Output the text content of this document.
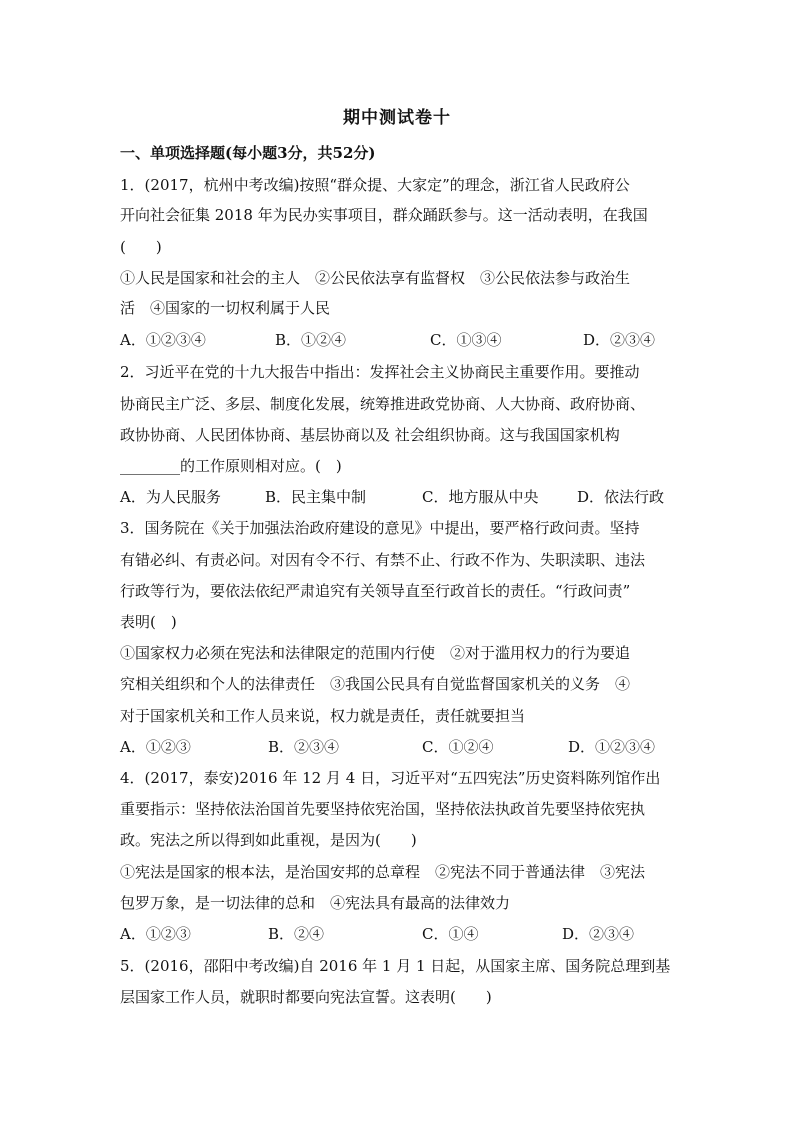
期中测试卷十
一、单项选择题(每小题3分，共52分)
1．(2017，杭州中考改编)按照“群众提、大家定”的理念，浙江省人民政府公
开向社会征集 2018 年为民办实事项目，群众踊跃参与。这一活动表明，在我国
(　　)
①人民是国家和社会的主人　②公民依法享有监督权　③公民依法参与政治生
活　④国家的一切权利属于人民
A．①②③④	B．①②④	C．①③④	D．②③④
2．习近平在党的十九大报告中指出：发挥社会主义协商民主重要作用。要推动
协商民主广泛、多层、制度化发展，统筹推进政党协商、人大协商、政府协商、
政协协商、人民团体协商、基层协商以及 社会组织协商。这与我国国家机构
________的工作原则相对应。(　)
A．为人民服务	B．民主集中制	C．地方服从中央	D．依法行政
3．国务院在《关于加强法治政府建设的意见》中提出，要严格行政问责。坚持
有错必纠、有责必问。对因有令不行、有禁不止、行政不作为、失职渎职、违法
行政等行为，要依法依纪严肃追究有关领导直至行政首长的责任。“行政问责”
表明(　)
①国家权力必须在宪法和法律限定的范围内行使　②对于滥用权力的行为要追
究相关组织和个人的法律责任　③我国公民具有自觉监督国家机关的义务　④
对于国家机关和工作人员来说，权力就是责任，责任就要担当
A．①②③	B．②③④	C．①②④	D．①②③④
4．(2017，泰安)2016 年 12 月 4 日，习近平对“五四宪法”历史资料陈列馆作出
重要指示：坚持依法治国首先要坚持依宪治国，坚持依法执政首先要坚持依宪执
政。宪法之所以得到如此重视，是因为(　　)
①宪法是国家的根本法，是治国安邦的总章程　②宪法不同于普通法律　③宪法
包罗万象，是一切法律的总和　④宪法具有最高的法律效力
A．①②③	B．②④	C．①④	D．②③④
5．(2016，邵阳中考改编)自 2016 年 1 月 1 日起，从国家主席、国务院总理到基
层国家工作人员，就职时都要向宪法宣誓。这表明(　　)
